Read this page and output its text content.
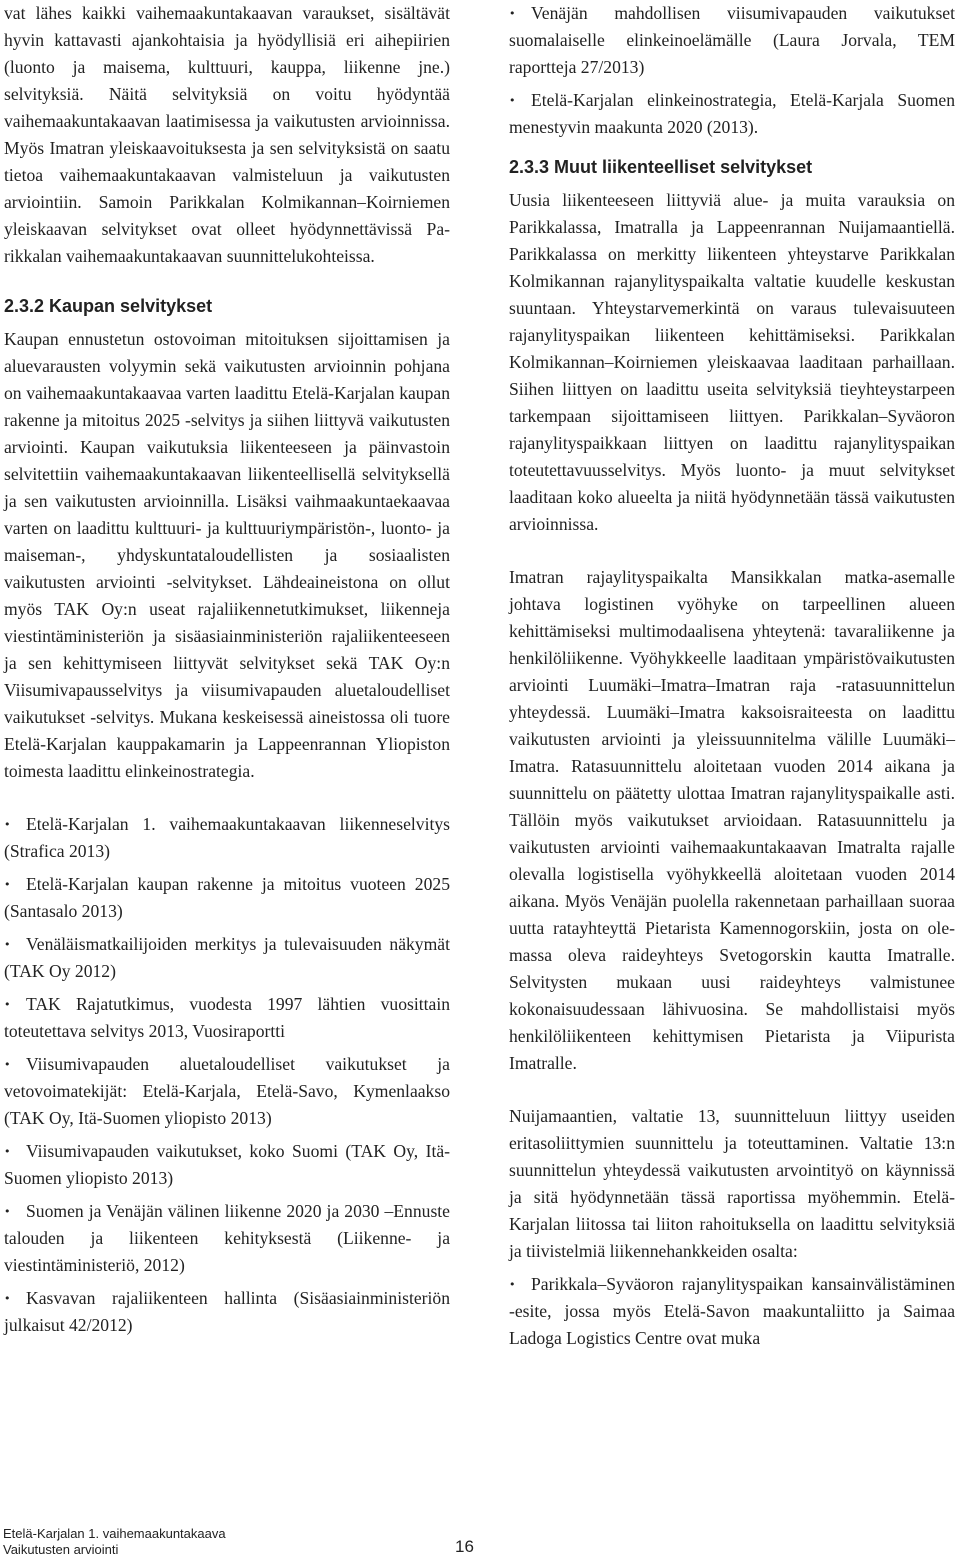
vat lähes kaikki vaihemaakuntakaavan varaukset, sisältävät hyvin kattavasti ajankohtaisia ja hyödyllisiä eri aihepiirien (luonto ja maisema, kulttuuri, kauppa, liikenne jne.) selvityksiä. Näitä selvityksiä on voitu hyödyntää vaihemaakuntakaavan laatimisessa ja vaikutusten arvioinnissa. Myös Imatran yleiskaavoituksesta ja sen selvityksistä on saatu tietoa vaihemaakuntakaavan valmisteluun ja vaikutusten arviointiin. Samoin Parikkalan Kolmikannan–Koirniemen yleiskaavan selvitykset ovat olleet hyödynnettävissä Parikkalan vaihemaakuntakaavan suunnittelukohteissa.

2.3.2 Kaupan selvitykset

Kaupan ennustetun ostovoiman mitoituksen sijoittamisen ja aluevarausten volyymin sekä vaikutusten arvioinnin pohjana on vaihemaakuntakaavaa varten laadittu Etelä-Karjalan kaupan rakenne ja mitoitus 2025 -selvitys ja siihen liittyvä vaikutusten arviointi. Kaupan vaikutuksia liikenteeseen ja päinvastoin selvitettiin vaihemaakuntakaavan liikenteellisellä selvityksellä ja sen vaikutusten arvioinnilla. Lisäksi vaihmaakuntaekaavaa varten on laadittu kulttuuri- ja kulttuuriympäristön-, luonto- ja maiseman-, yhdyskuntataloudellisten ja sosiaalisten vaikutusten arviointi -selvitykset. Lähdeaineistona on ollut myös TAK Oy:n useat rajaliikennetutkimukset, liikenneja viestintäministeriön ja sisäasiainministeriön rajaliikenteeseen ja sen kehittymiseen liittyvät selvitykset sekä TAK Oy:n Viisumivapausselvitys ja viisumivapauden aluetaloudelliset vaikutukset -selvitys. Mukana keskeisessä aineistossa oli tuore Etelä-Karjalan kauppakamarin ja Lappeenrannan Yliopiston toimesta laadittu elinkeinostrategia.

• Etelä-Karjalan 1. vaihemaakuntakaavan liikenneselvitys (Strafica 2013)
• Etelä-Karjalan kaupan rakenne ja mitoitus vuoteen 2025 (Santasalo 2013)
• Venäläismatkailijoiden merkitys ja tulevaisuuden näkymät (TAK Oy 2012)
• TAK Rajatutkimus, vuodesta 1997 lähtien vuosittain toteutettava selvitys 2013, Vuosiraportti
• Viisumivapauden aluetaloudelliset vaikutukset ja vetovoimatekijät: Etelä-Karjala, Etelä-Savo, Kymenlaakso (TAK Oy, Itä-Suomen yliopisto 2013)
• Viisumivapauden vaikutukset, koko Suomi (TAK Oy, Itä-Suomen yliopisto 2013)
• Suomen ja Venäjän välinen liikenne 2020 ja 2030 –Ennuste talouden ja liikenteen kehityksestä (Liikenne- ja viestintäministeriö, 2012)
• Kasvavan rajaliikenteen hallinta (Sisäasiainministeriön julkaisut 42/2012)
• Venäjän mahdollisen viisumivapauden vaikutukset suomalaiselle elinkeinoelämälle (Laura Jorvala, TEM raportteja 27/2013)
• Etelä-Karjalan elinkeinostrategia, Etelä-Karjala Suomen menestyvin maakunta 2020 (2013).
2.3.3 Muut liikenteelliset selvitykset

Uusia liikenteeseen liittyviä alue- ja muita varauksia on Parikkalassa, Imatralla ja Lappeenrannan Nuijamaantiellä. Parikkalassa on merkitty liikenteen yhteystarve Parikkalan Kolmikannan rajanylityspaikalta valtatie kuudelle keskustan suuntaan. Yhteystarvemerkintä on varaus tulevaisuuteen rajanylityspaikan liikenteen kehittämiseksi. Parikkalan Kolmikannan–Koirniemen yleiskaavaa laaditaan parhaillaan. Siihen liittyen on laadittu useita selvityksiä tieyhteystarpeen tarkempaan sijoittamiseen liittyen. Parikkalan–Syväoron rajanylityspaikkaan liittyen on laadittu rajanylityspaikan toteutettavuusselvitys. Myös luonto- ja muut selvitykset laaditaan koko alueelta ja niitä hyödynnetään tässä vaikutusten arvioinnissa.

Imatran rajaylityspaikalta Mansikkalan matka-asemalle johtava logistinen vyöhyke on tarpeellinen alueen kehittämiseksi multimodaalisena yhteytenä: tavaraliikenne ja henkilöliikenne. Vyöhykkeelle laaditaan ympäristövaikutusten arviointi Luumäki–Imatra–Imatran raja -ratasuunnittelun yhteydessä. Luumäki–Imatra kaksoisraiteesta on laadittu vaikutusten arviointi ja yleissuunnitelma välille Luumäki–Imatra. Ratasuunnittelu aloitetaan vuoden 2014 aikana ja suunnittelu on päätetty ulottaa Imatran rajanylityspaikalle asti. Tällöin myös vaikutukset arvioidaan. Ratasuunnittelu ja vaikutusten arviointi vaihemaakuntakaavan Imatralta rajalle olevalla logistisella vyöhykkeellä aloitetaan vuoden 2014 aikana. Myös Venäjän puolella rakennetaan parhaillaan suoraa uutta ratayhteyttä Pietarista Kamennogorskiin, josta on olemassa oleva raideyhteys Svetogorskin kautta Imatralle. Selvitysten mukaan uusi raideyhteys valmistunee kokonaisuudessaan lähivuosina. Se mahdollistaisi myös henkilöliikenteen kehittymisen Pietarista ja Viipurista Imatralle.

Nuijamaantien, valtatie 13, suunnitteluun liittyy useiden eritasoliittymien suunnittelu ja toteuttaminen. Valtatie 13:n suunnittelun yhteydessä vaikutusten arvointityö on käynnissä ja sitä hyödynnetään tässä raportissa myöhemmin. Etelä-Karjalan liitossa tai liiton rahoituksella on laadittu selvityksiä ja tiivistelmiä liikennehankkeiden osalta:

• Parikkala–Syväoron rajanylityspaikan kansainvälistäminen -esite, jossa myös Etelä-Savon maakuntaliitto ja Saimaa Ladoga Logistics Centre ovat muka
Etelä-Karjalan 1. vaihemaakuntakaava
Vaikutusten arviointi	16
